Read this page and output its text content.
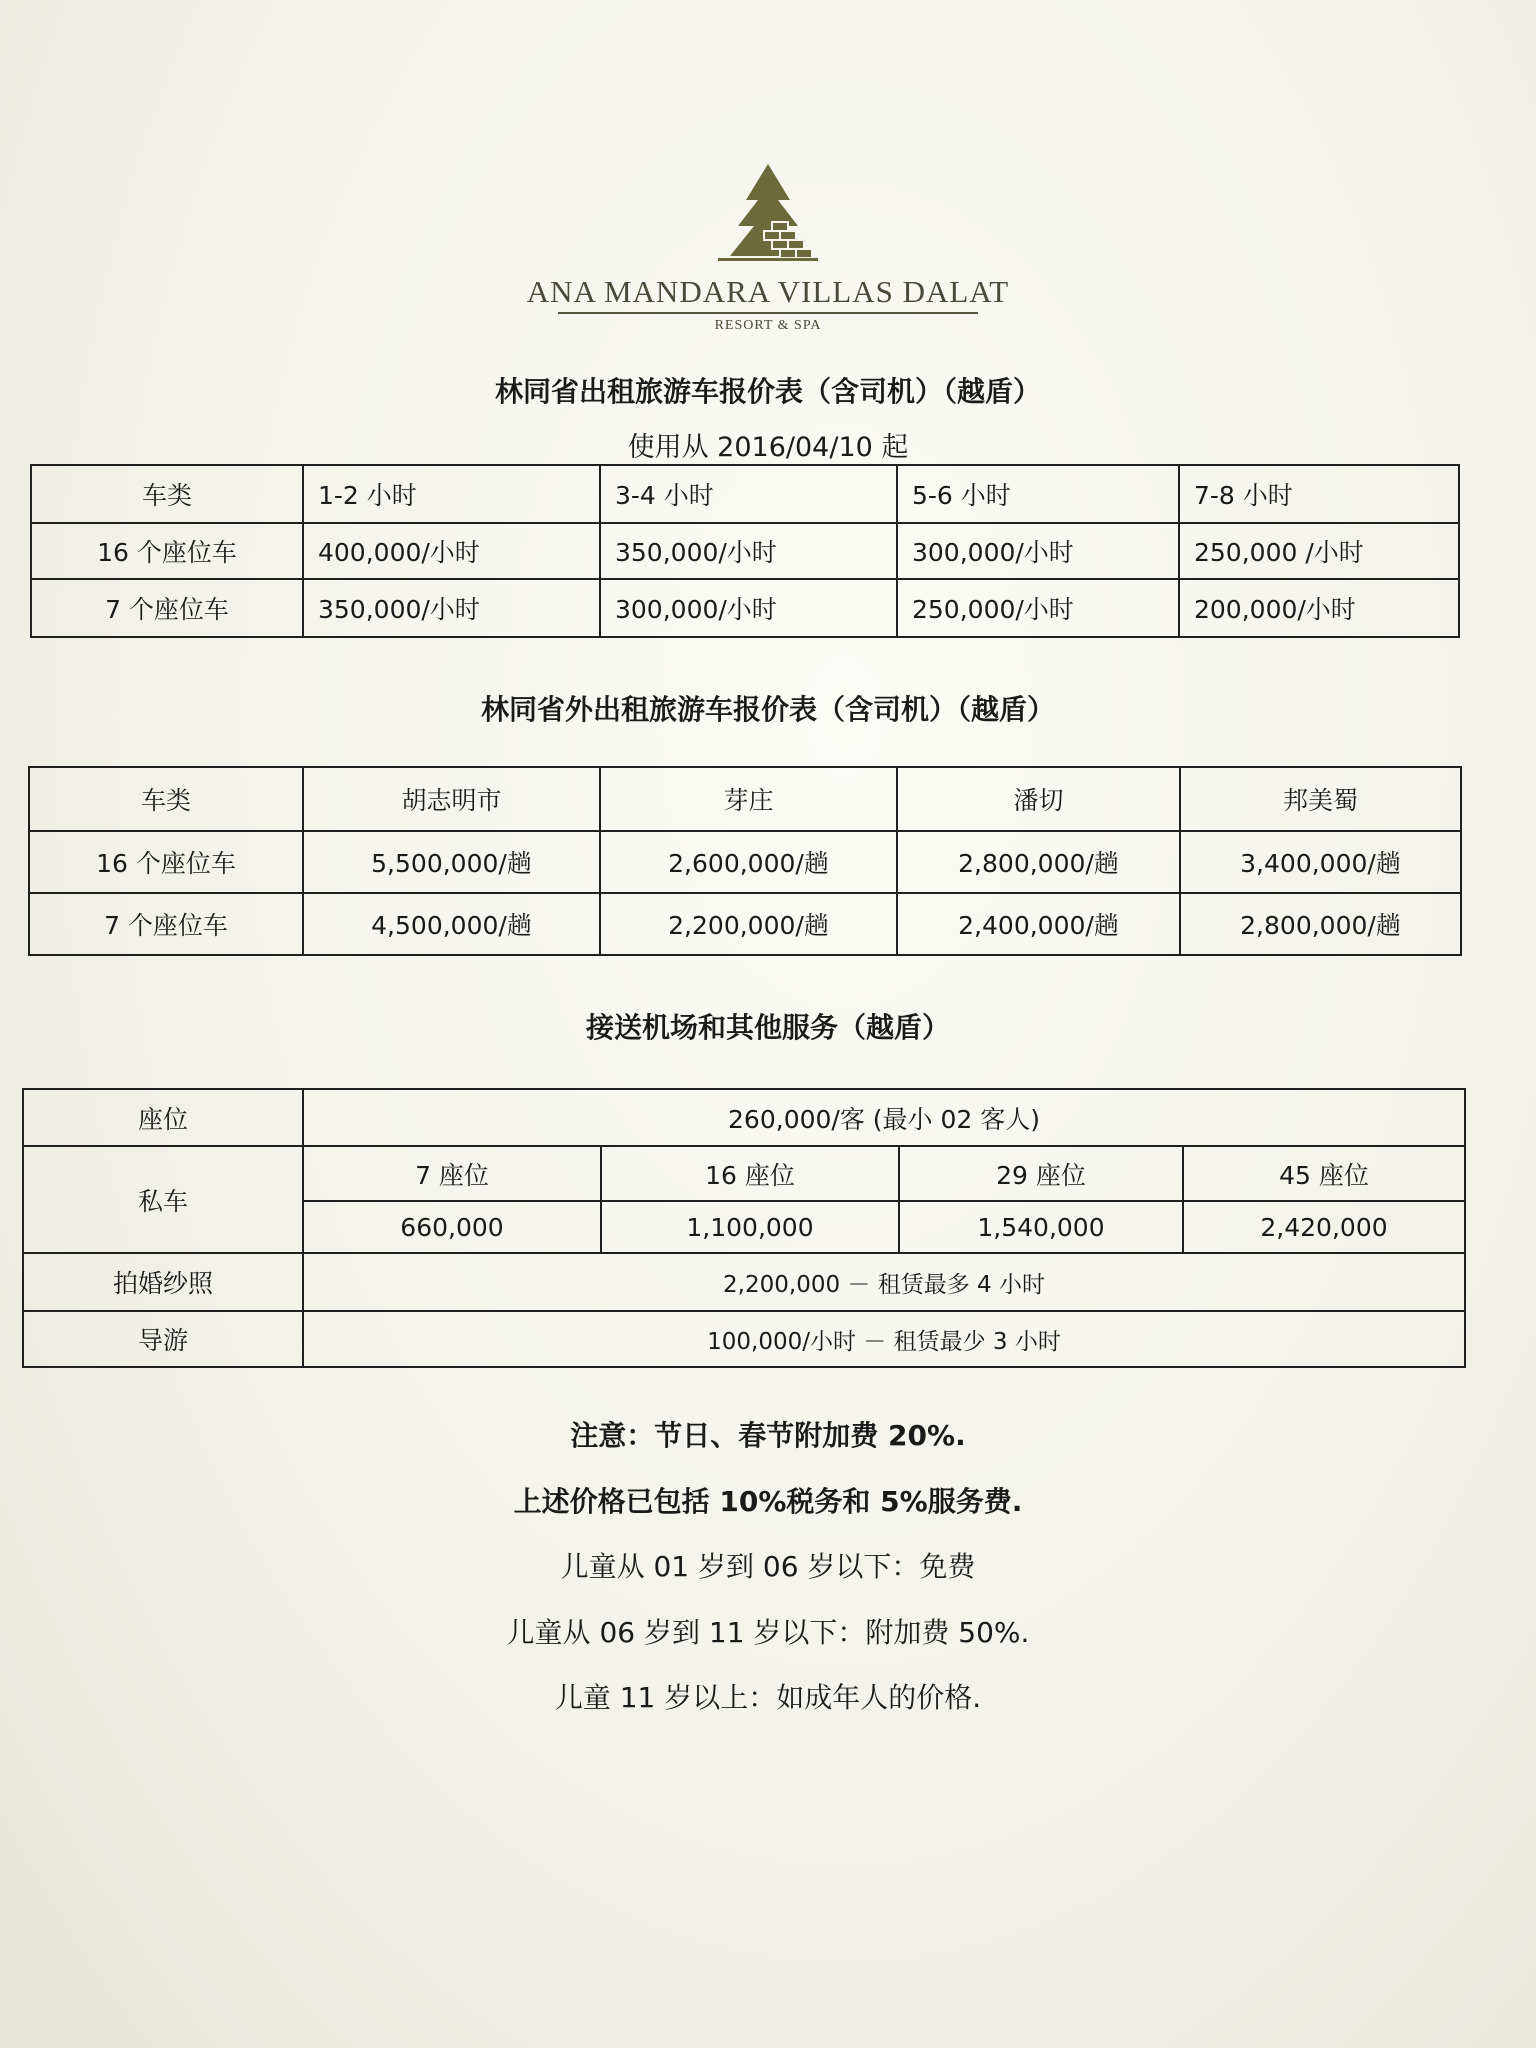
ANA MANDARA VILLAS DALAT
RESORT & SPA
林同省出租旅游车报价表（含司机）（越盾）
使用从 2016/04/10 起
车类	1-2 小时	3-4 小时	5-6 小时	7-8 小时
16 个座位车	400,000/小时	350,000/小时	300,000/小时	250,000 /小时
7 个座位车	350,000/小时	300,000/小时	250,000/小时	200,000/小时
林同省外出租旅游车报价表（含司机）（越盾）
车类	胡志明市	芽庄	潘切	邦美蜀
16 个座位车	5,500,000/趟	2,600,000/趟	2,800,000/趟	3,400,000/趟
7 个座位车	4,500,000/趟	2,200,000/趟	2,400,000/趟	2,800,000/趟
接送机场和其他服务（越盾）
座位	260,000/客 (最小 02 客人)			
私车	7 座位	16 座位	29 座位	45 座位
	660,000	1,100,000	1,540,000	2,420,000
拍婚纱照	2,200,000 － 租赁最多 4 小时			
导游	100,000/小时 － 租赁最少 3 小时			
注意：节日、春节附加费 20%.
上述价格已包括 10%税务和 5%服务费.
儿童从 01 岁到 06 岁以下：免费
儿童从 06 岁到 11 岁以下：附加费 50%.
儿童 11 岁以上：如成年人的价格.
